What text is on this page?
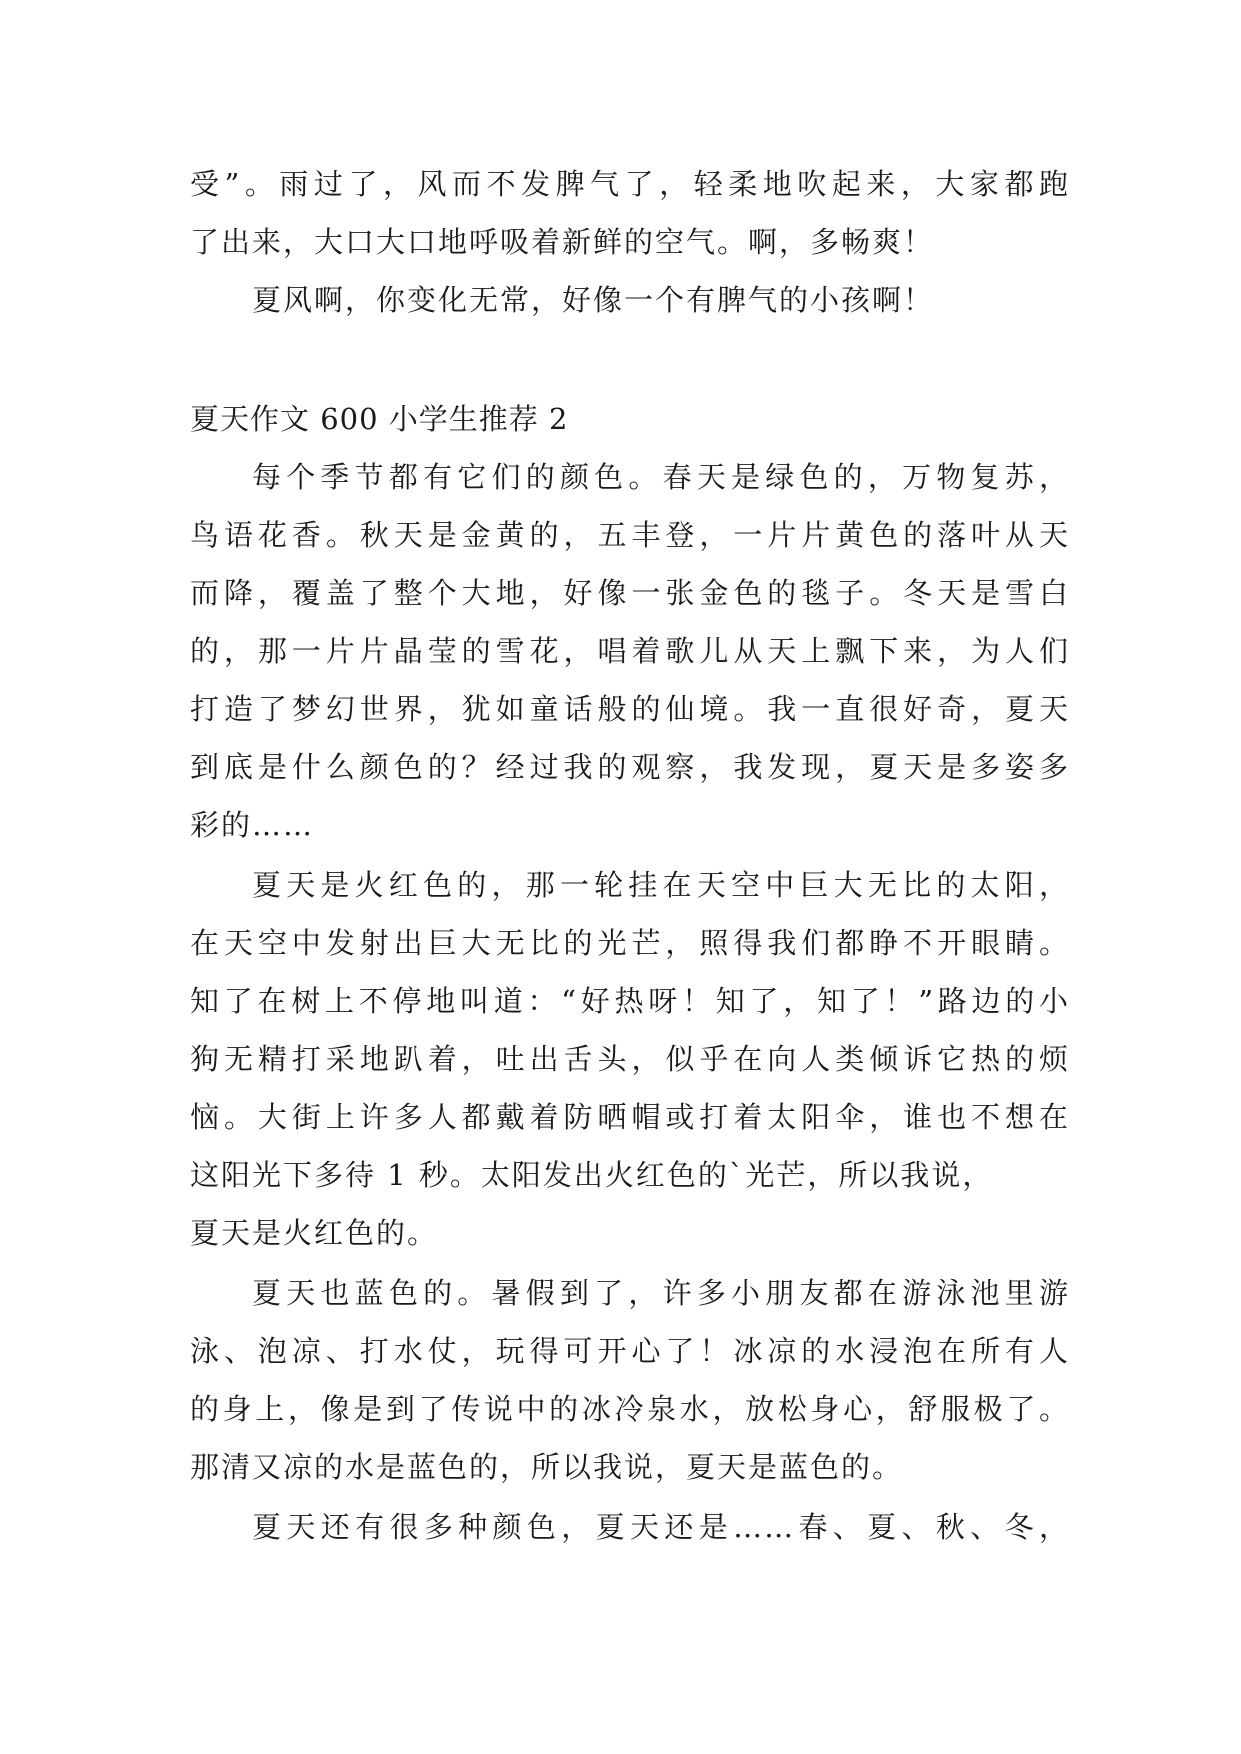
受”。雨过了，风而不发脾气了，轻柔地吹起来，大家都跑
了出来，大口大口地呼吸着新鲜的空气。啊，多畅爽！
夏风啊，你变化无常，好像一个有脾气的小孩啊！
夏天作文 600 小学生推荐 2
每个季节都有它们的颜色。春天是绿色的，万物复苏，
鸟语花香。秋天是金黄的，五丰登，一片片黄色的落叶从天
而降，覆盖了整个大地，好像一张金色的毯子。冬天是雪白
的，那一片片晶莹的雪花，唱着歌儿从天上飘下来，为人们
打造了梦幻世界，犹如童话般的仙境。我一直很好奇，夏天
到底是什么颜色的？经过我的观察，我发现，夏天是多姿多
彩的……
夏天是火红色的，那一轮挂在天空中巨大无比的太阳，
在天空中发射出巨大无比的光芒，照得我们都睁不开眼睛。
知了在树上不停地叫道：“好热呀！知了，知了！”路边的小
狗无精打采地趴着，吐出舌头，似乎在向人类倾诉它热的烦
恼。大街上许多人都戴着防晒帽或打着太阳伞，谁也不想在
这阳光下多待 1 秒。太阳发出火红色的`光芒，所以我说，
夏天是火红色的。
夏天也蓝色的。暑假到了，许多小朋友都在游泳池里游
泳、泡凉、打水仗，玩得可开心了！冰凉的水浸泡在所有人
的身上，像是到了传说中的冰冷泉水，放松身心，舒服极了。
那清又凉的水是蓝色的，所以我说，夏天是蓝色的。
夏天还有很多种颜色，夏天还是……春、夏、秋、冬，
